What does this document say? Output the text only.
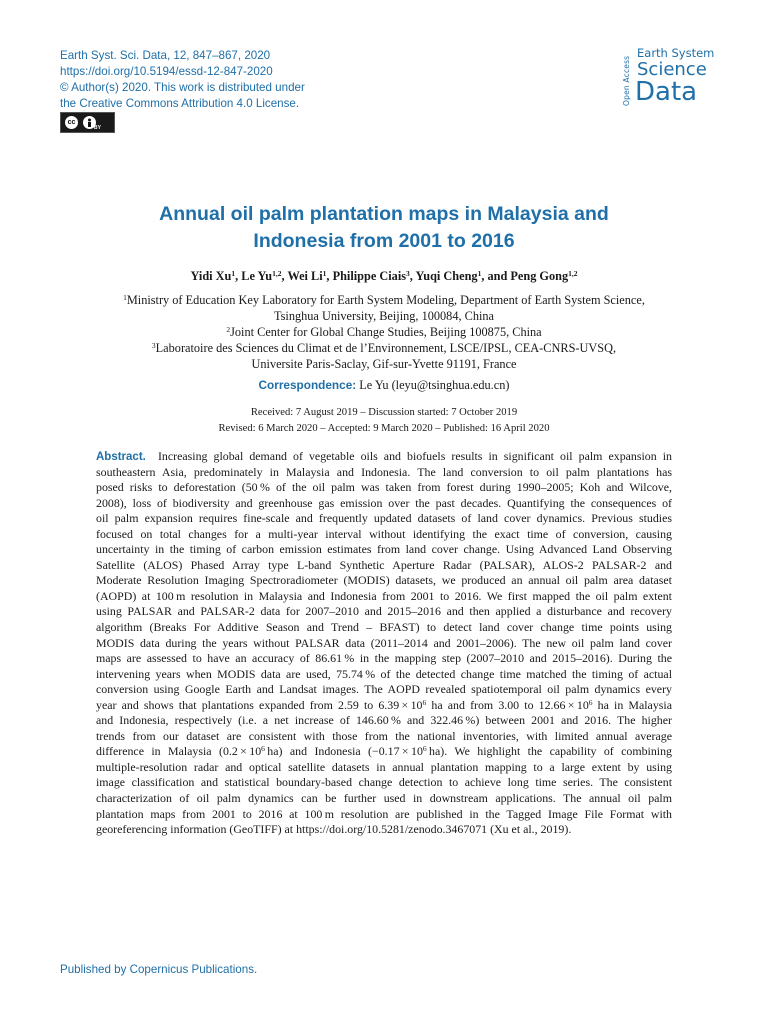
Earth Syst. Sci. Data, 12, 847–867, 2020
https://doi.org/10.5194/essd-12-847-2020
© Author(s) 2020. This work is distributed under
the Creative Commons Attribution 4.0 License.
cc
BY
Open Access
Earth System
Science
Data
Annual oil palm plantation maps in Malaysia and
Indonesia from 2001 to 2016
Yidi Xu$^1$, Le Yu$^{1,2}$, Wei Li$^1$, Philippe Ciais$^3$, Yuqi Cheng$^1$, and Peng Gong$^{1,2}$
$^1$Ministry of Education Key Laboratory for Earth System Modeling, Department of Earth System Science,
Tsinghua University, Beijing, 100084, China
$^2$Joint Center for Global Change Studies, Beijing 100875, China
$^3$Laboratoire des Sciences du Climat et de l’Environnement, LSCE/IPSL, CEA-CNRS-UVSQ,
Universite Paris-Saclay, Gif-sur-Yvette 91191, France
Correspondence: Le Yu (leyu@tsinghua.edu.cn)
Received: 7 August 2019 – Discussion started: 7 October 2019
Revised: 6 March 2020 – Accepted: 9 March 2020 – Published: 16 April 2020
Abstract. Increasing global demand of vegetable oils and biofuels results in significant oil palm expansion in
southeastern Asia, predominately in Malaysia and Indonesia. The land conversion to oil palm plantations has
posed risks to deforestation (50 % of the oil palm was taken from forest during 1990–2005; Koh and Wilcove,
2008), loss of biodiversity and greenhouse gas emission over the past decades. Quantifying the consequences of
oil palm expansion requires fine-scale and frequently updated datasets of land cover dynamics. Previous studies
focused on total changes for a multi-year interval without identifying the exact time of conversion, causing
uncertainty in the timing of carbon emission estimates from land cover change. Using Advanced Land Observing
Satellite (ALOS) Phased Array type L-band Synthetic Aperture Radar (PALSAR), ALOS-2 PALSAR-2 and
Moderate Resolution Imaging Spectroradiometer (MODIS) datasets, we produced an annual oil palm area dataset
(AOPD) at 100 m resolution in Malaysia and Indonesia from 2001 to 2016. We first mapped the oil palm extent
using PALSAR and PALSAR-2 data for 2007–2010 and 2015–2016 and then applied a disturbance and recovery
algorithm (Breaks For Additive Season and Trend – BFAST) to detect land cover change time points using
MODIS data during the years without PALSAR data (2011–2014 and 2001–2006). The new oil palm land cover
maps are assessed to have an accuracy of 86.61 % in the mapping step (2007–2010 and 2015–2016). During the
intervening years when MODIS data are used, 75.74 % of the detected change time matched the timing of actual
conversion using Google Earth and Landsat images. The AOPD revealed spatiotemporal oil palm dynamics every
year and shows that plantations expanded from 2.59 to $6.39 \times 10^6$ ha and from 3.00 to $12.66 \times 10^6$ ha in Malaysia
and Indonesia, respectively (i.e. a net increase of 146.60 % and 322.46 %) between 2001 and 2016. The higher
trends from our dataset are consistent with those from the national inventories, with limited annual average
difference in Malaysia ($0.2 \times 10^6$ ha) and Indonesia ($-0.17 \times 10^6$ ha). We highlight the capability of combining
multiple-resolution radar and optical satellite datasets in annual plantation mapping to a large extent by using
image classification and statistical boundary-based change detection to achieve long time series. The consistent
characterization of oil palm dynamics can be further used in downstream applications. The annual oil palm
plantation maps from 2001 to 2016 at 100 m resolution are published in the Tagged Image File Format with
georeferencing information (GeoTIFF) at https://doi.org/10.5281/zenodo.3467071 (Xu et al., 2019).
Published by Copernicus Publications.
